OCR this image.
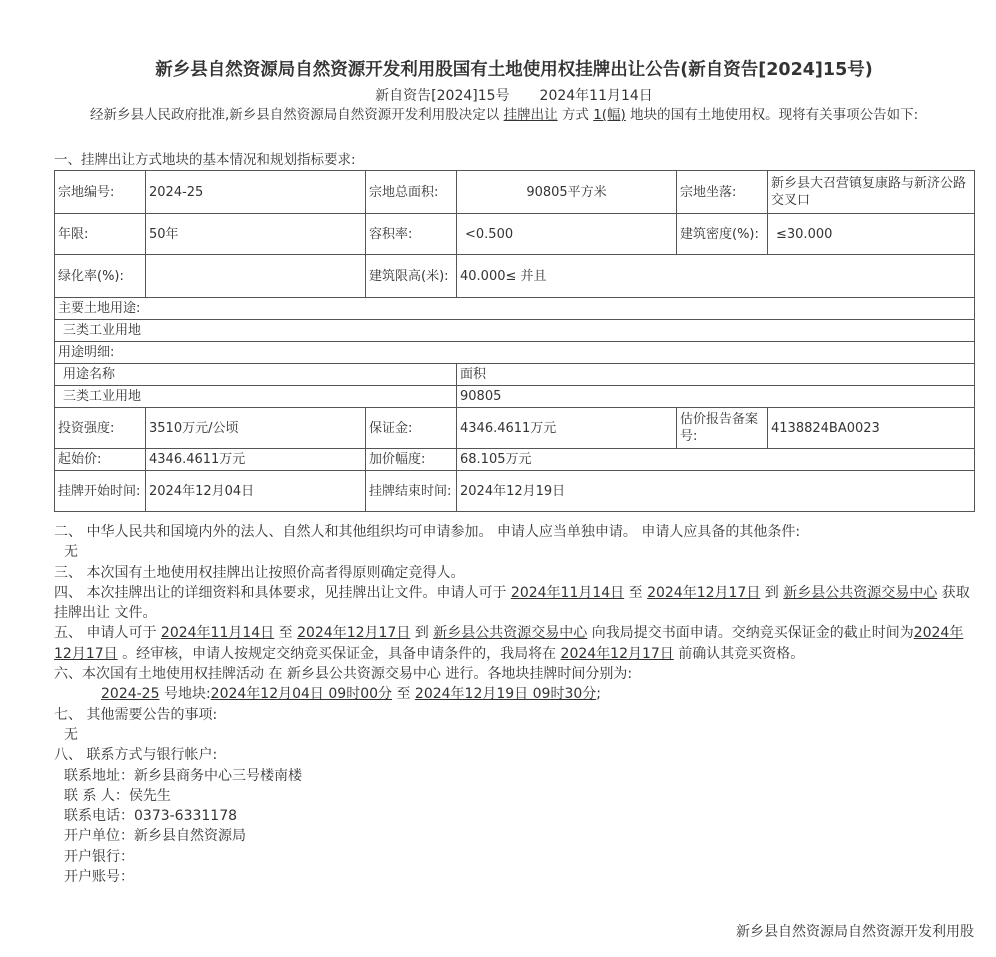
新乡县自然资源局自然资源开发利用股国有土地使用权挂牌出让公告(新自资告[2024]15号)
新自资告[2024]15号 2024年11月14日
经新乡县人民政府批准,新乡县自然资源局自然资源开发利用股决定以 挂牌出让 方式 1(幅) 地块的国有土地使用权。现将有关事项公告如下:
一、挂牌出让方式地块的基本情况和规划指标要求:
宗地编号:	2024-25	宗地总面积:	90805平方米	宗地坐落:	新乡县大召营镇复康路与新济公路交叉口
年限:	50年	容积率:	<0.500	建筑密度(%):	≤30.000
绿化率(%):		建筑限高(米):	40.000≤ 并且		
主要土地用途:					
三类工业用地					
用途明细:					
用途名称			面积		
三类工业用地			90805		
投资强度:	3510万元/公顷	保证金:	4346.4611万元	估价报告备案号:	4138824BA0023
起始价:	4346.4611万元	加价幅度:	68.105万元		
挂牌开始时间:	2024年12月04日	挂牌结束时间:	2024年12月19日		

二、 中华人民共和国境内外的法人、自然人和其他组织均可申请参加。 申请人应当单独申请。 申请人应具备的其他条件:

无

三、 本次国有土地使用权挂牌出让按照价高者得原则确定竞得人。

四、 本次挂牌出让的详细资料和具体要求，见挂牌出让文件。申请人可于 2024年11月14日 至 2024年12月17日 到 新乡县公共资源交易中心 获取 挂牌出让 文件。

五、 申请人可于 2024年11月14日 至 2024年12月17日 到 新乡县公共资源交易中心 向我局提交书面申请。交纳竞买保证金的截止时间为2024年12月17日 。经审核，申请人按规定交纳竞买保证金，具备申请条件的，我局将在 2024年12月17日 前确认其竞买资格。

六、本次国有土地使用权挂牌活动 在 新乡县公共资源交易中心 进行。各地块挂牌时间分别为:

2024-25 号地块:2024年12月04日 09时00分 至 2024年12月19日 09时30分;

七、 其他需要公告的事项:

无

八、 联系方式与银行帐户:

联系地址：新乡县商务中心三号楼南楼

联 系 人：侯先生

联系电话：0373-6331178

开户单位：新乡县自然资源局

开户银行：

开户账号：

新乡县自然资源局自然资源开发利用股
